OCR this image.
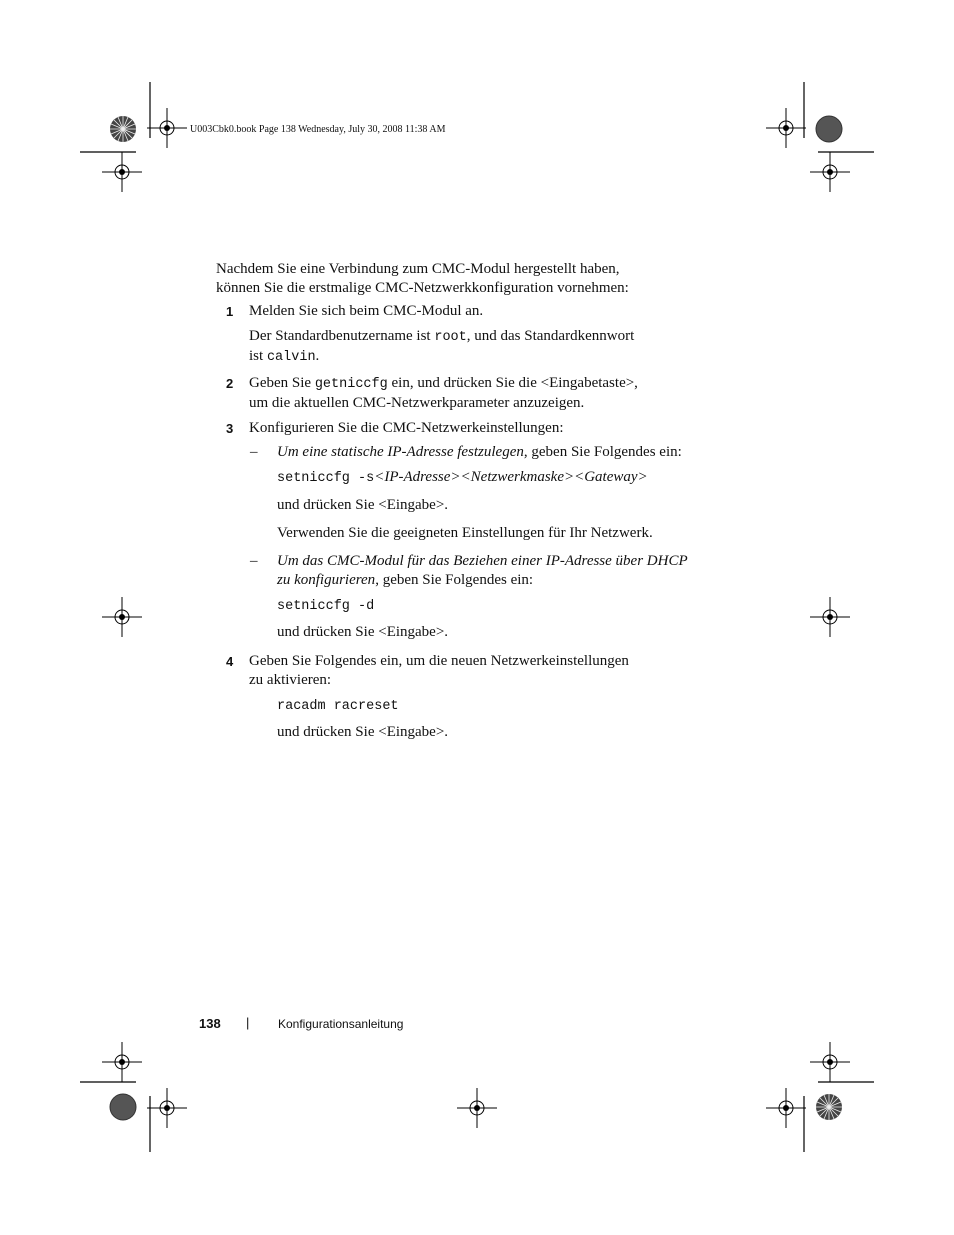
U003Cbk0.book Page 138 Wednesday, July 30, 2008 11:38 AM
Nachdem Sie eine Verbindung zum CMC-Modul hergestellt haben,
können Sie die erstmalige CMC-Netzwerkkonfiguration vornehmen:
1 Melden Sie sich beim CMC-Modul an.
Der Standardbenutzername ist root, und das Standardkennwort
ist calvin.
2 Geben Sie getniccfg ein, und drücken Sie die <Eingabetaste>,
um die aktuellen CMC-Netzwerkparameter anzuzeigen.
3 Konfigurieren Sie die CMC-Netzwerkeinstellungen:
– Um eine statische IP-Adresse festzulegen, geben Sie Folgendes ein:
setniccfg -s<IP-Adresse><Netzwerkmaske><Gateway>
und drücken Sie <Eingabe>.
Verwenden Sie die geeigneten Einstellungen für Ihr Netzwerk.
– Um das CMC-Modul für das Beziehen einer IP-Adresse über DHCP
zu konfigurieren, geben Sie Folgendes ein:
setniccfg -d
und drücken Sie <Eingabe>.
4 Geben Sie Folgendes ein, um die neuen Netzwerkeinstellungen
zu aktivieren:
racadm racreset
und drücken Sie <Eingabe>.
138 | Konfigurationsanleitung
